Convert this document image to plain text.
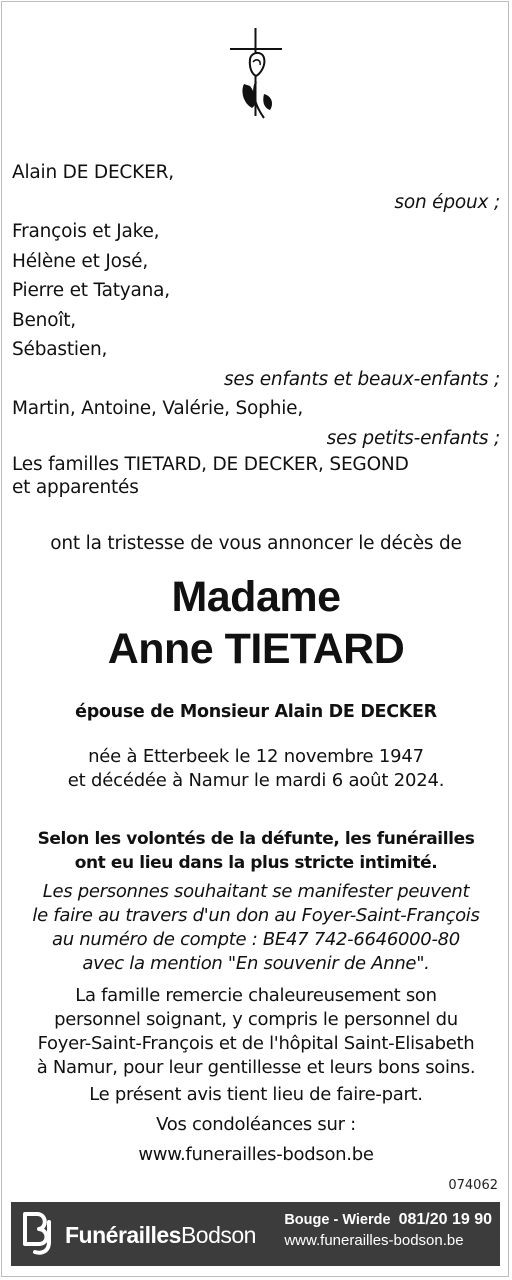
Alain DE DECKER,
son époux ;
François et Jake,
Hélène et José,
Pierre et Tatyana,
Benoît,
Sébastien,
ses enfants et beaux-enfants ;
Martin, Antoine, Valérie, Sophie,
ses petits-enfants ;
Les familles TIETARD, DE DECKER, SEGOND
et apparentés
ont la tristesse de vous annoncer le décès de
Madame
Anne TIETARD
épouse de Monsieur Alain DE DECKER
née à Etterbeek le 12 novembre 1947
et décédée à Namur le mardi 6 août 2024.
Selon les volontés de la défunte, les funérailles
ont eu lieu dans la plus stricte intimité.
Les personnes souhaitant se manifester peuvent
le faire au travers d'un don au Foyer-Saint-François
au numéro de compte : BE47 742-6646000-80
avec la mention "En souvenir de Anne".
La famille remercie chaleureusement son
personnel soignant, y compris le personnel du
Foyer-Saint-François et de l'hôpital Saint-Elisabeth
à Namur, pour leur gentillesse et leurs bons soins.
Le présent avis tient lieu de faire-part.
Vos condoléances sur :
www.funerailles-bodson.be
074062
FunéraillesBodson
Bouge - Wierde 081/20 19 90
www.funerailles-bodson.be
